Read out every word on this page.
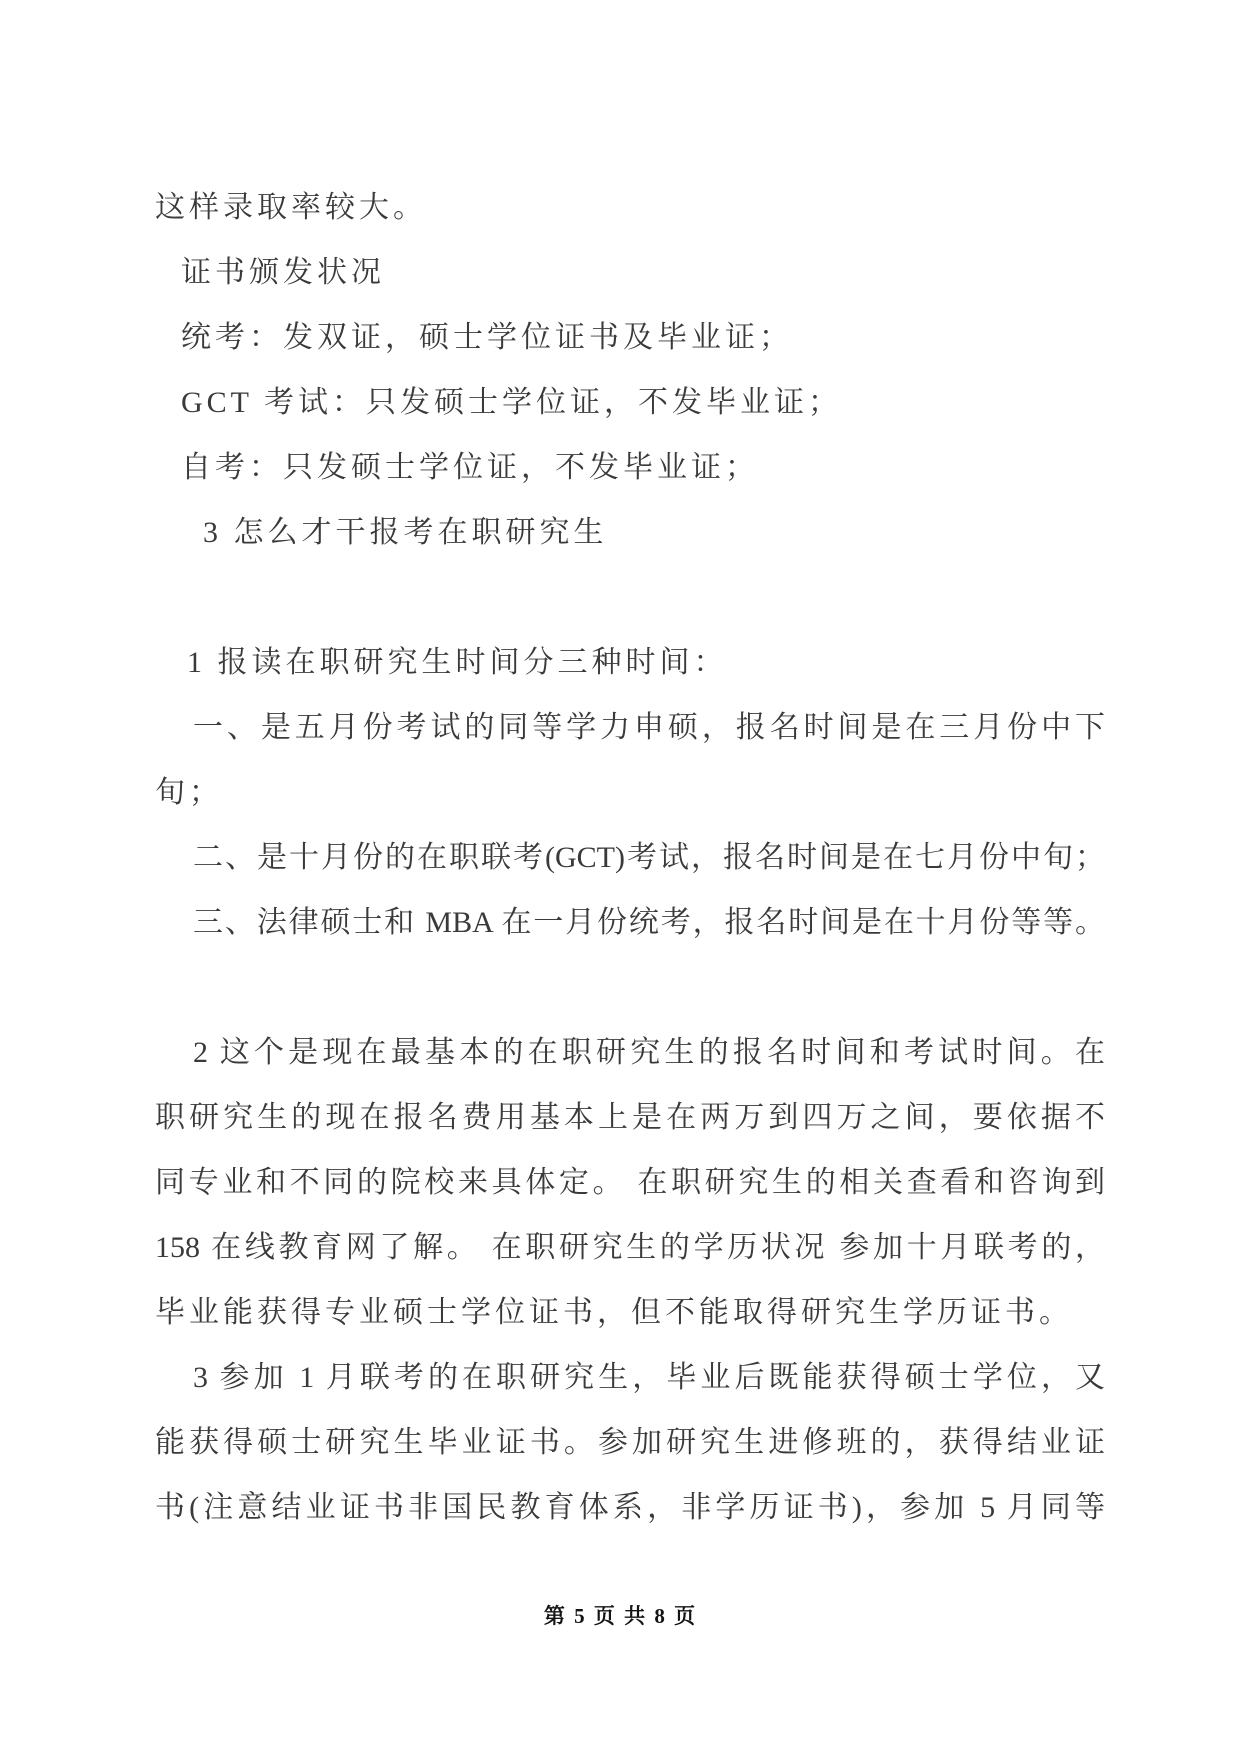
这样录取率较大。
证书颁发状况
统考：发双证，硕士学位证书及毕业证；
GCT 考试：只发硕士学位证，不发毕业证；
自考：只发硕士学位证，不发毕业证；
3 怎么才干报考在职研究生
1 报读在职研究生时间分三种时间：
一、是五月份考试的同等学力申硕，报名时间是在三月份中下
旬；
二、是十月份的在职联考(GCT)考试，报名时间是在七月份中旬；
三、法律硕士和 MBA 在一月份统考，报名时间是在十月份等等。
2 这个是现在最基本的在职研究生的报名时间和考试时间。在
职研究生的现在报名费用基本上是在两万到四万之间，要依据不
同专业和不同的院校来具体定。 在职研究生的相关查看和咨询到
158 在线教育网了解。 在职研究生的学历状况 参加十月联考的，
毕业能获得专业硕士学位证书，但不能取得研究生学历证书。
3 参加 1 月联考的在职研究生，毕业后既能获得硕士学位，又
能获得硕士研究生毕业证书。参加研究生进修班的，获得结业证
书(注意结业证书非国民教育体系，非学历证书)，参加 5 月同等
第 5 页 共 8 页
